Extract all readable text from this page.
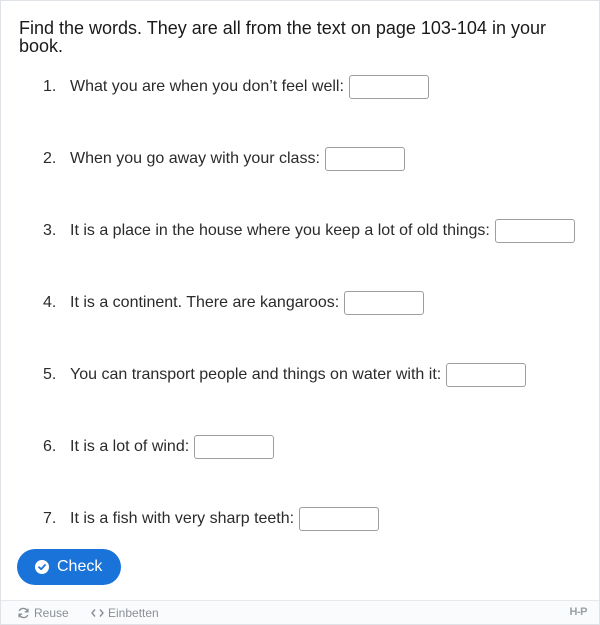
Find the words. They are all from the text on page 103-104 in your book.
1. What you are when you don’t feel well:
2. When you go away with your class:
3. It is a place in the house where you keep a lot of old things:
4. It is a continent. There are kangaroos:
5. You can transport people and things on water with it:
6. It is a lot of wind:
7. It is a fish with very sharp teeth:
Check
Reuse	Einbetten	H-P
